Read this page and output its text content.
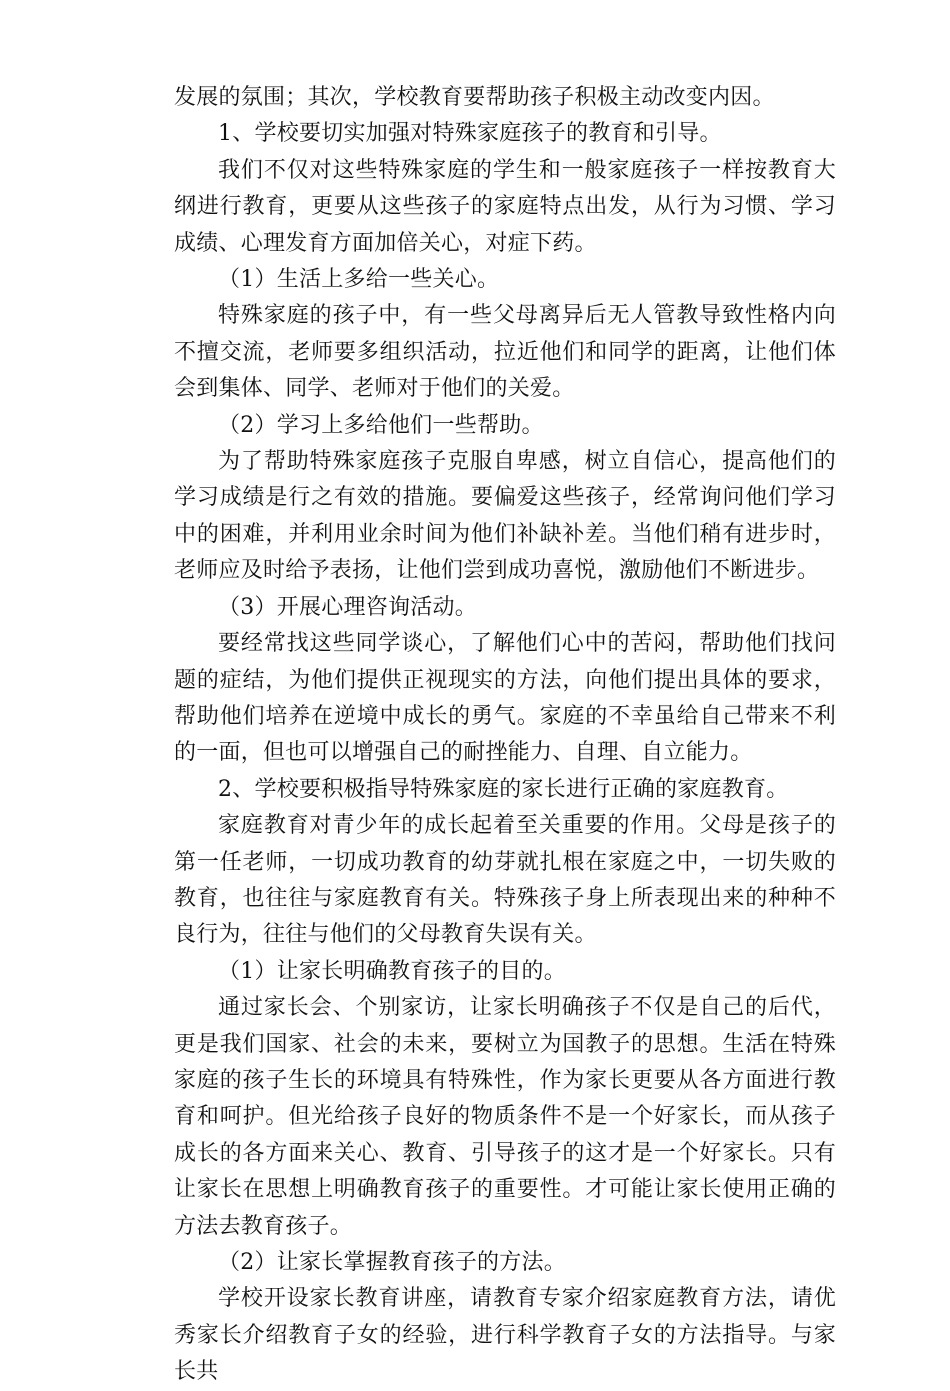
发展的氛围；其次，学校教育要帮助孩子积极主动改变内因。

1、学校要切实加强对特殊家庭孩子的教育和引导。

我们不仅对这些特殊家庭的学生和一般家庭孩子一样按教育大纲进行教育，更要从这些孩子的家庭特点出发，从行为习惯、学习成绩、心理发育方面加倍关心，对症下药。

（1）生活上多给一些关心。

特殊家庭的孩子中，有一些父母离异后无人管教导致性格内向不擅交流，老师要多组织活动，拉近他们和同学的距离，让他们体会到集体、同学、老师对于他们的关爱。

（2）学习上多给他们一些帮助。

为了帮助特殊家庭孩子克服自卑感，树立自信心，提高他们的学习成绩是行之有效的措施。要偏爱这些孩子，经常询问他们学习中的困难，并利用业余时间为他们补缺补差。当他们稍有进步时，老师应及时给予表扬，让他们尝到成功喜悦，激励他们不断进步。

（3）开展心理咨询活动。

要经常找这些同学谈心，了解他们心中的苦闷，帮助他们找问题的症结，为他们提供正视现实的方法，向他们提出具体的要求，帮助他们培养在逆境中成长的勇气。家庭的不幸虽给自己带来不利的一面，但也可以增强自己的耐挫能力、自理、自立能力。

2、学校要积极指导特殊家庭的家长进行正确的家庭教育。

家庭教育对青少年的成长起着至关重要的作用。父母是孩子的第一任老师，一切成功教育的幼芽就扎根在家庭之中，一切失败的教育，也往往与家庭教育有关。特殊孩子身上所表现出来的种种不良行为，往往与他们的父母教育失误有关。

（1）让家长明确教育孩子的目的。

通过家长会、个别家访，让家长明确孩子不仅是自己的后代，更是我们国家、社会的未来，要树立为国教子的思想。生活在特殊家庭的孩子生长的环境具有特殊性，作为家长更要从各方面进行教育和呵护。但光给孩子良好的物质条件不是一个好家长，而从孩子成长的各方面来关心、教育、引导孩子的这才是一个好家长。只有让家长在思想上明确教育孩子的重要性。才可能让家长使用正确的方法去教育孩子。

（2）让家长掌握教育孩子的方法。

学校开设家长教育讲座，请教育专家介绍家庭教育方法，请优秀家长介绍教育子女的经验，进行科学教育子女的方法指导。与家长共
